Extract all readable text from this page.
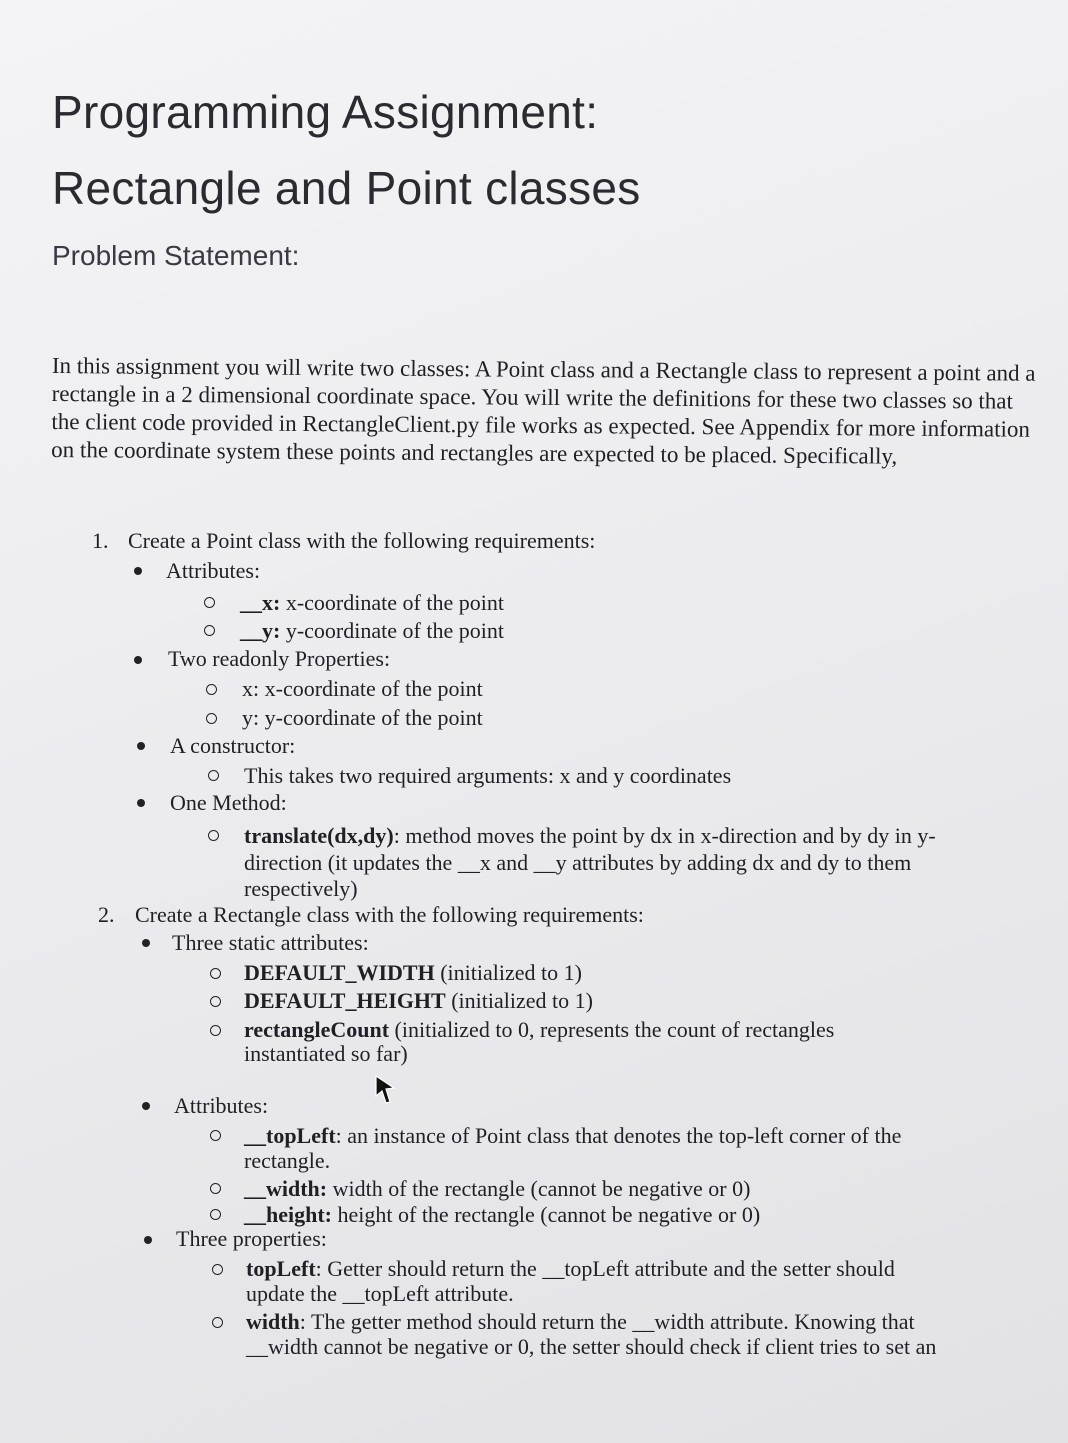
Programming Assignment:
Rectangle and Point classes
Problem Statement:

In this assignment you will write two classes: A Point class and a Rectangle class to represent a point and a rectangle in a 2 dimensional coordinate space. You will write the definitions for these two classes so that the client code provided in RectangleClient.py file works as expected. See Appendix for more information on the coordinate system these points and rectangles are expected to be placed. Specifically,

1. Create a Point class with the following requirements:
Attributes:
__x: x-coordinate of the point
__y: y-coordinate of the point
Two readonly Properties:
x: x-coordinate of the point
y: y-coordinate of the point
A constructor:
This takes two required arguments: x and y coordinates
One Method:
translate(dx,dy): method moves the point by dx in x-direction and by dy in y-
direction (it updates the __x and __y attributes by adding dx and dy to them
respectively)
2. Create a Rectangle class with the following requirements:
Three static attributes:
DEFAULT_WIDTH (initialized to 1)
DEFAULT_HEIGHT (initialized to 1)
rectangleCount (initialized to 0, represents the count of rectangles
instantiated so far)
Attributes:
__topLeft: an instance of Point class that denotes the top-left corner of the
rectangle.
__width: width of the rectangle (cannot be negative or 0)
__height: height of the rectangle (cannot be negative or 0)
Three properties:
topLeft: Getter should return the __topLeft attribute and the setter should
update the __topLeft attribute.
width: The getter method should return the __width attribute. Knowing that
__width cannot be negative or 0, the setter should check if client tries to set an
